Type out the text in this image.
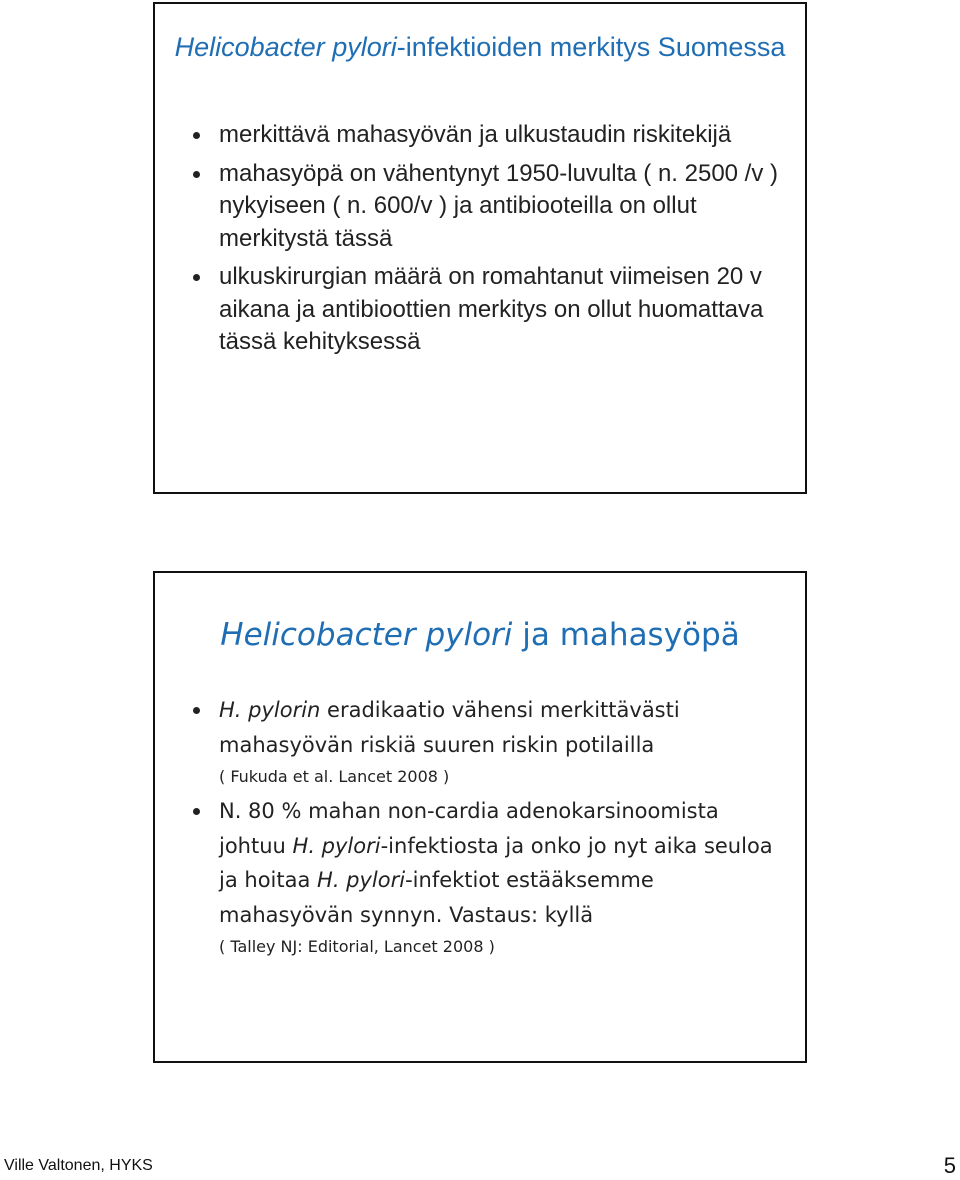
Helicobacter pylori-infektioiden merkitys Suomessa
merkittävä mahasyövän ja ulkustaudin riskitekijä
mahasyöpä on vähentynyt 1950-luvulta ( n. 2500 /v ) nykyiseen ( n. 600/v ) ja antibiooteilla on ollut merkitystä tässä
ulkuskirurgian määrä on romahtanut viimeisen 20 v aikana ja antibioottien merkitys on ollut huomattava tässä kehityksessä
Helicobacter pylori ja mahasyöpä
H. pylorin eradikaatio vähensi merkittävästi mahasyövän riskiä suuren riskin potilailla
( Fukuda et al. Lancet 2008 )
N. 80 % mahan non-cardia adenokarsinoomista johtuu H. pylori-infektiosta ja onko jo nyt aika seuloa ja hoitaa H. pylori-infektiot estääksemme mahasyövän synnyn. Vastaus: kyllä
( Talley NJ: Editorial, Lancet 2008 )
Ville Valtonen, HYKS	5
